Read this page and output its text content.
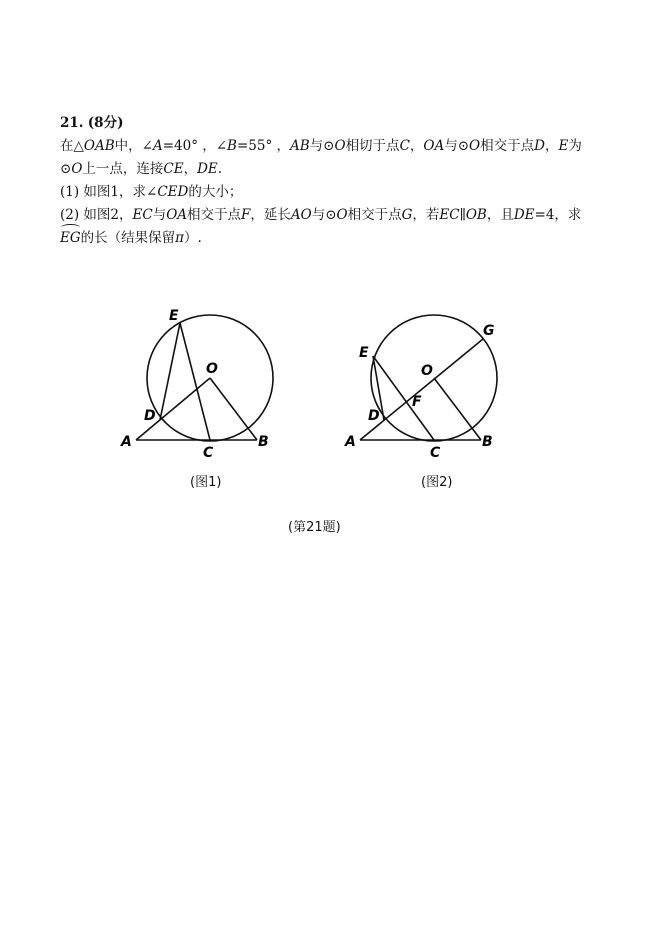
21. (8分)
在△OAB中，∠A=40° ，∠B=55° ，AB与⊙O相切于点C，OA与⊙O相交于点D，E为
⊙O上一点，连接CE，DE.
(1) 如图1，求∠CED的大小；
(2) 如图2，EC与OA相交于点F，延长AO与⊙O相交于点G，若EC∥OB，且DE=4，求
EG的长（结果保留π）.
E
O
D
A
C
B
(图1)
G
E
O
F
D
A
C
B
(图2)
(第21题)
